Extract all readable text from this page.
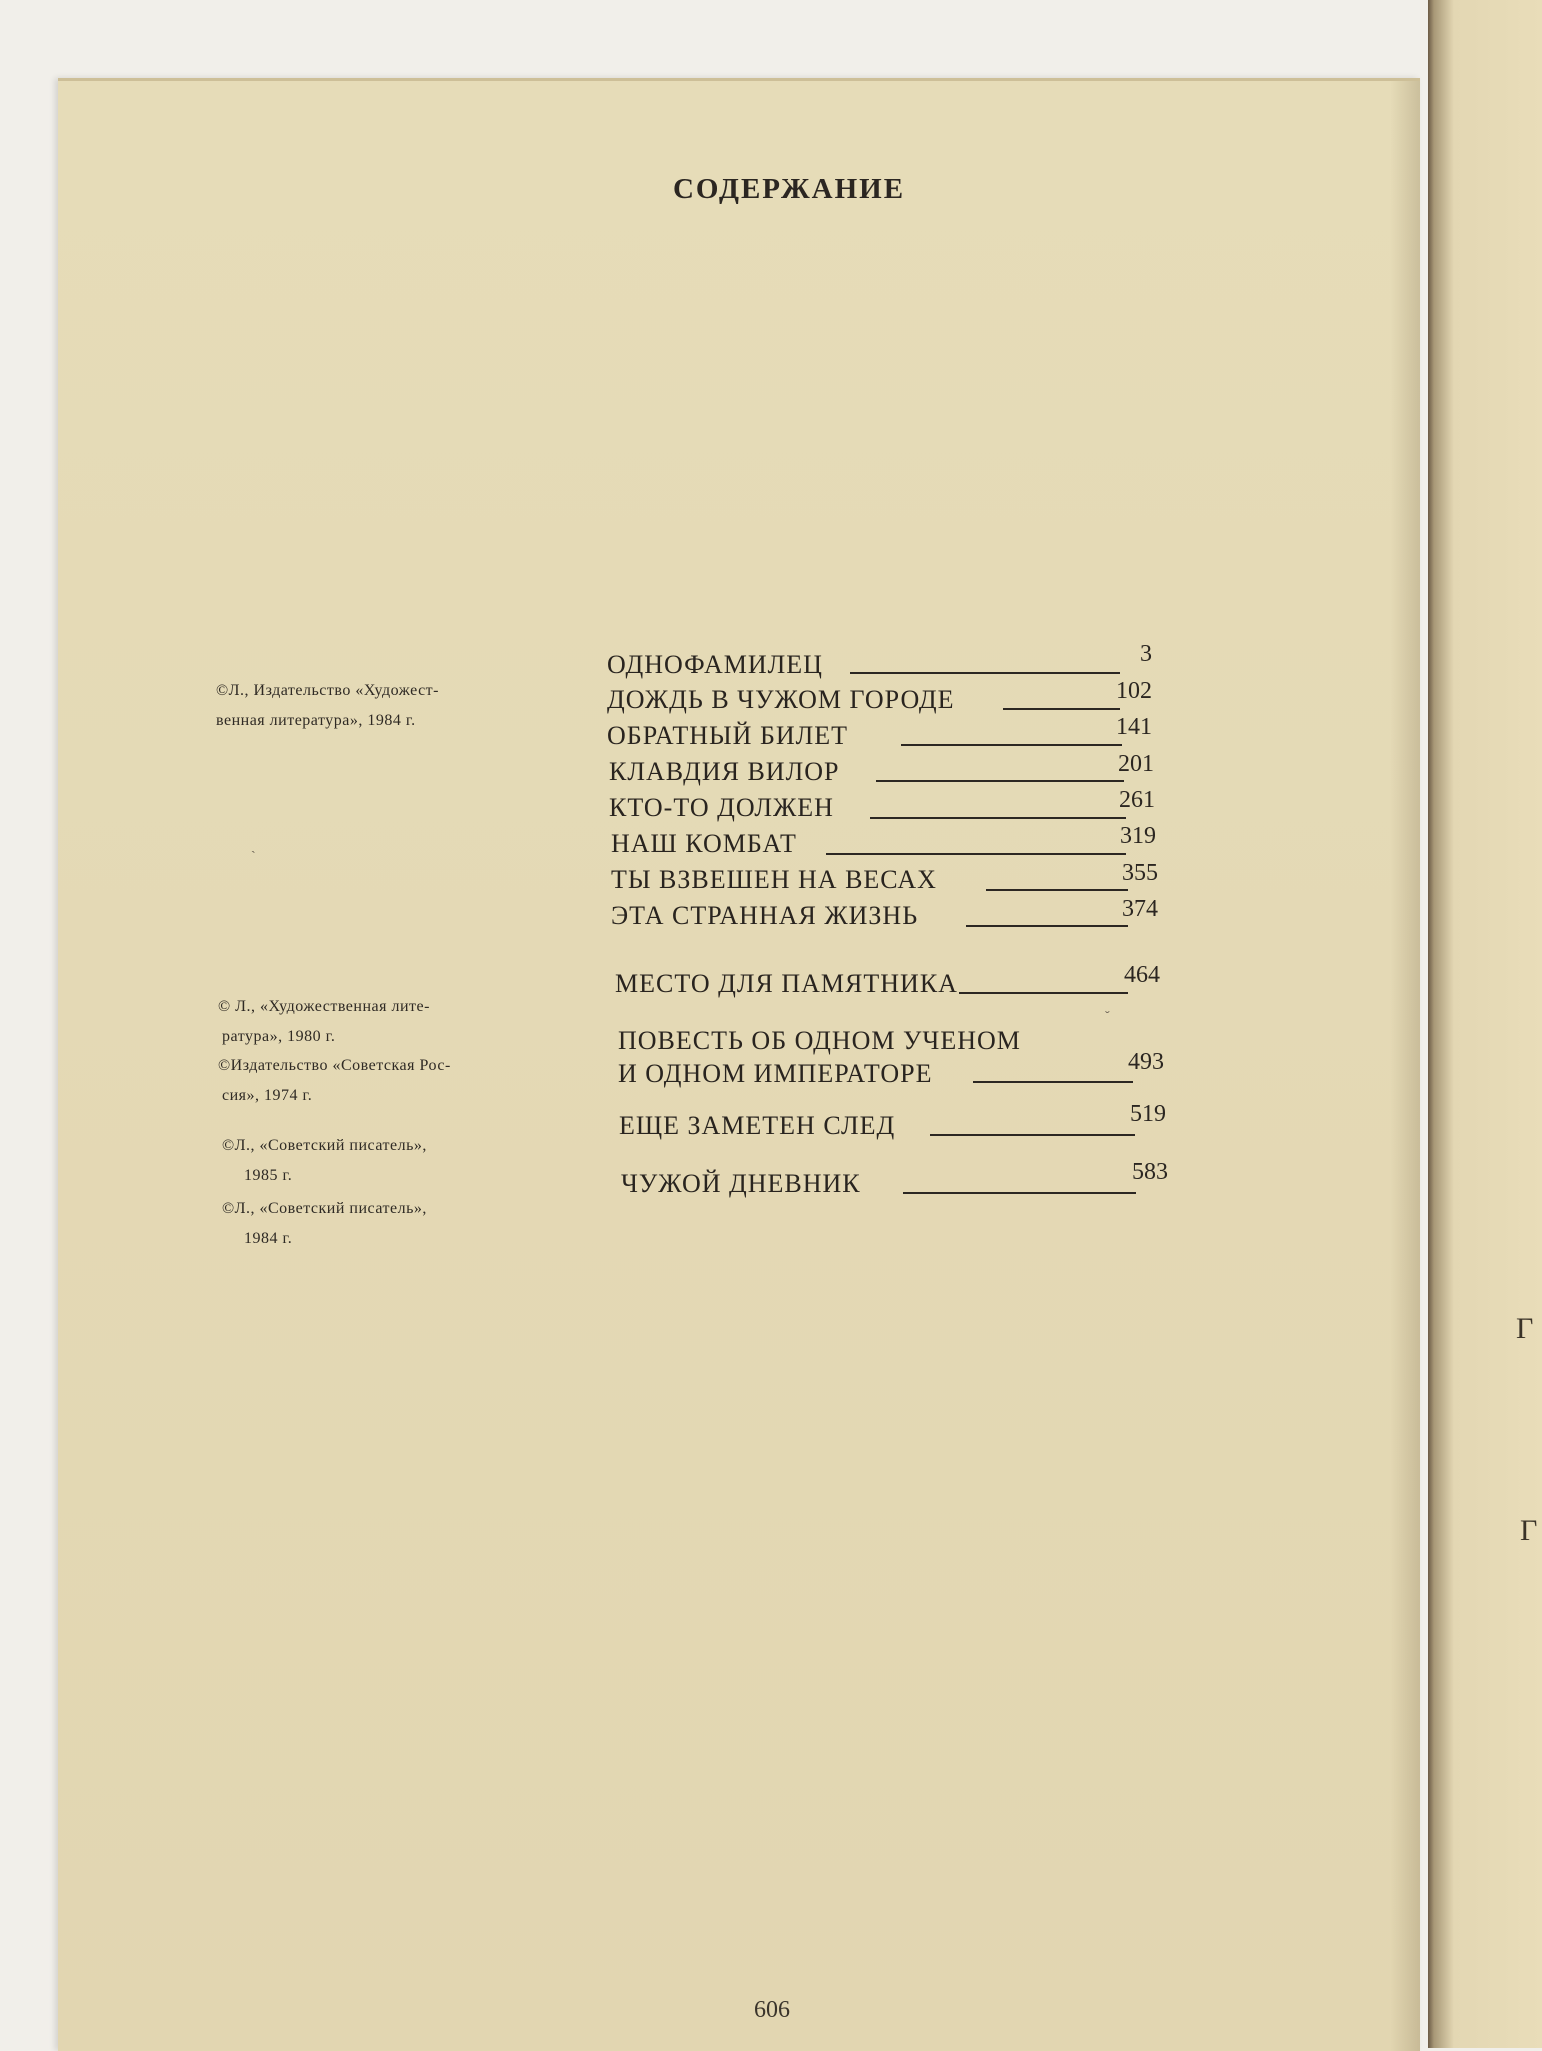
Г
Г
СОДЕРЖАНИЕ
©Л., Издательство «Художест-
венная литература», 1984 г.
© Л., «Художественная лите-
ратура», 1980 г.
©Издательство «Советская Рос-
сия», 1974 г.
©Л., «Советский писатель»,
1985 г.
©Л., «Советский писатель»,
1984 г.
ОДНОФАМИЛЕЦ	3
ДОЖДЬ В ЧУЖОМ ГОРОДЕ	102
ОБРАТНЫЙ БИЛЕТ	141
КЛАВДИЯ ВИЛОР	201
КТО-ТО ДОЛЖЕН	261
НАШ КОМБАТ	319
ТЫ ВЗВЕШЕН НА ВЕСАХ	355
ЭТА СТРАННАЯ ЖИЗНЬ	374
МЕСТО ДЛЯ ПАМЯТНИКА	464
ПОВЕСТЬ ОБ ОДНОМ УЧЕНОМ
И ОДНОМ ИМПЕРАТОРЕ	493
ЕЩЕ ЗАМЕТЕН СЛЕД	519
ЧУЖОЙ ДНЕВНИК	583
ˎ
ˬ
606
